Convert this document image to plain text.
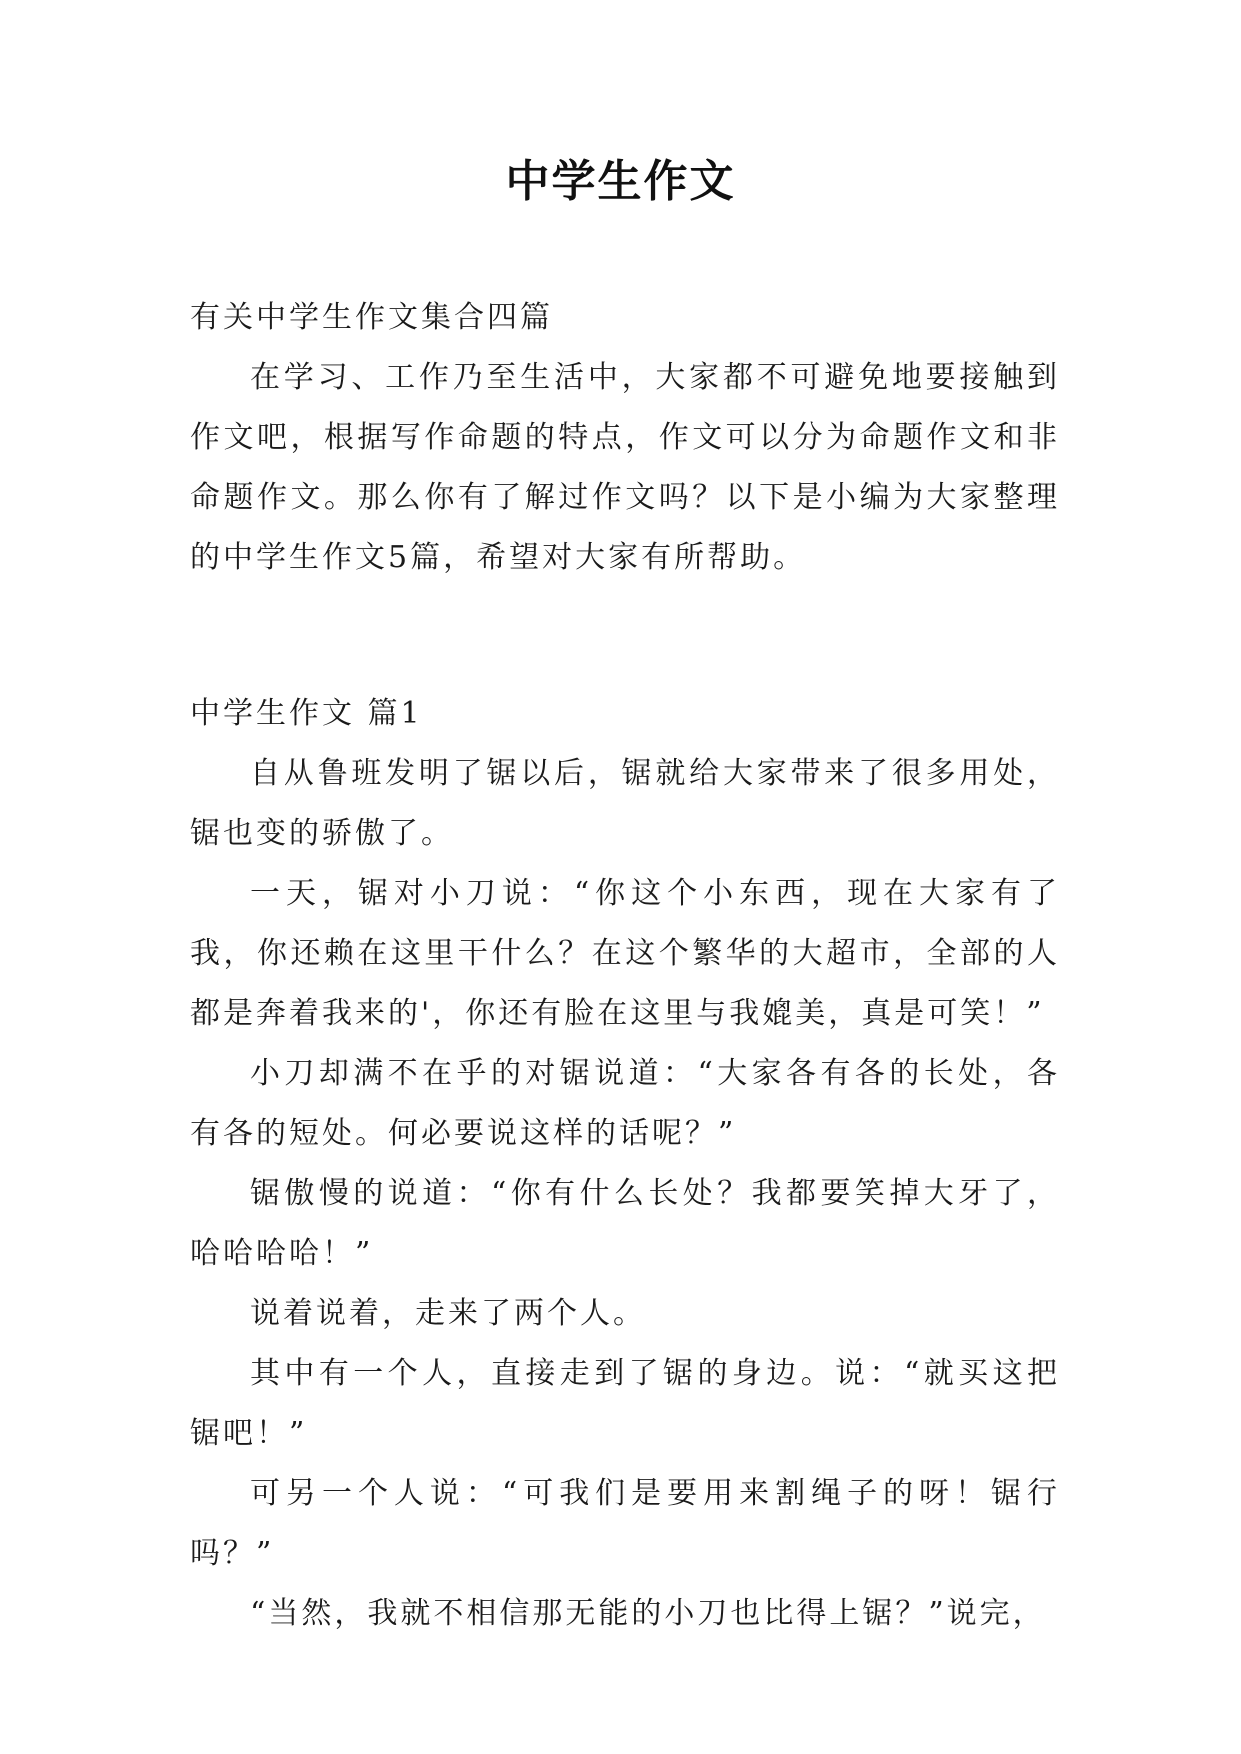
中学生作文

有关中学生作文集合四篇

在学习、工作乃至生活中，大家都不可避免地要接触到作文吧，根据写作命题的特点，作文可以分为命题作文和非命题作文。那么你有了解过作文吗？以下是小编为大家整理的中学生作文5篇，希望对大家有所帮助。

中学生作文 篇1

自从鲁班发明了锯以后，锯就给大家带来了很多用处，锯也变的骄傲了。

一天，锯对小刀说：“你这个小东西，现在大家有了我，你还赖在这里干什么？在这个繁华的大超市，全部的人都是奔着我来的'，你还有脸在这里与我媲美，真是可笑！”

小刀却满不在乎的对锯说道：“大家各有各的长处，各有各的短处。何必要说这样的话呢？”

锯傲慢的说道：“你有什么长处？我都要笑掉大牙了，哈哈哈哈！”

说着说着，走来了两个人。

其中有一个人，直接走到了锯的身边。说：“就买这把锯吧！”

可另一个人说：“可我们是要用来割绳子的呀！锯行吗？”

“当然，我就不相信那无能的小刀也比得上锯？”说完，
